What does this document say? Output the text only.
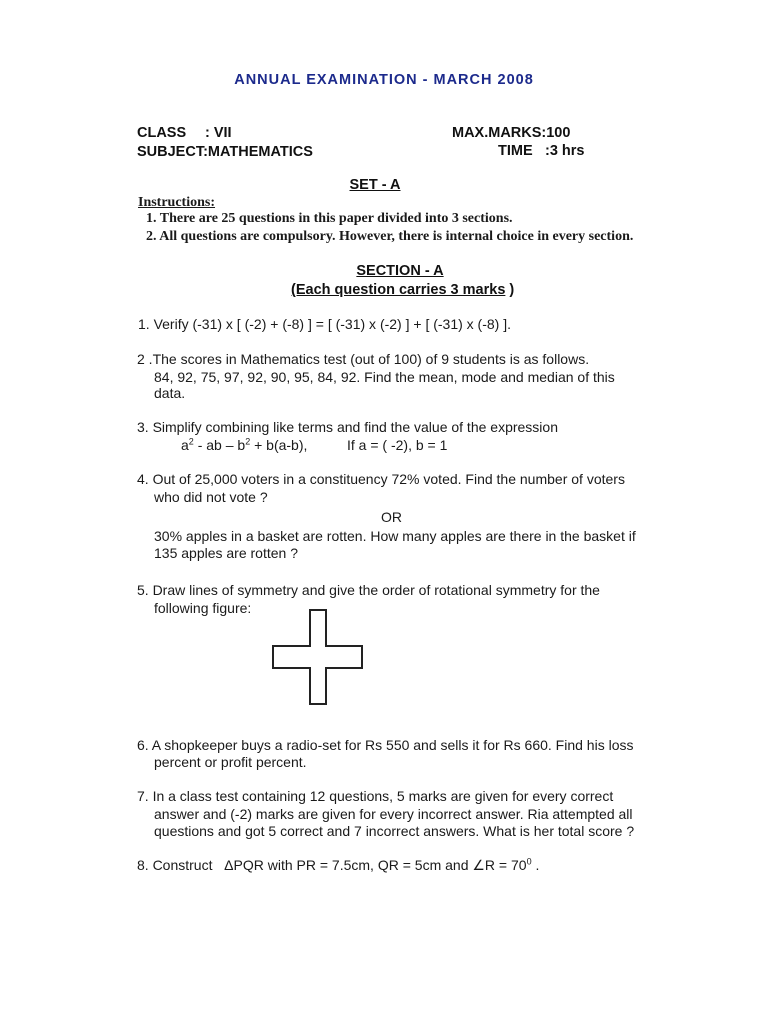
ANNUAL EXAMINATION - MARCH 2008
CLASS : VII
SUBJECT:MATHEMATICS
MAX.MARKS:100
TIME :3 hrs
SET - A
Instructions:
1. There are 25 questions in this paper divided into 3 sections.
2. All questions are compulsory. However, there is internal choice in every section.
SECTION - A
(Each question carries 3 marks )
1. Verify (-31) x [ (-2) + (-8) ] = [ (-31) x (-2) ] + [ (-31) x (-8) ].
2 .The scores in Mathematics test (out of 100) of 9 students is as follows.
84, 92, 75, 97, 92, 90, 95, 84, 92. Find the mean, mode and median of this
data.
3. Simplify combining like terms and find the value of the expression
$a^2$ - ab – $b^2 + b(a-b)$,	If a = ( -2), b = 1
4. Out of 25,000 voters in a constituency 72% voted. Find the number of voters
who did not vote ?
OR
30% apples in a basket are rotten. How many apples are there in the basket if
135 apples are rotten ?
5. Draw lines of symmetry and give the order of rotational symmetry for the
following figure:
6. A shopkeeper buys a radio-set for Rs 550 and sells it for Rs 660. Find his loss
percent or profit percent.
7. In a class test containing 12 questions, 5 marks are given for every correct
answer and (-2) marks are given for every incorrect answer. Ria attempted all
questions and got 5 correct and 7 incorrect answers. What is her total score ?
8. Construct ΔPQR with PR = 7.5cm, QR = 5cm and ∠R = $70^0$ .
